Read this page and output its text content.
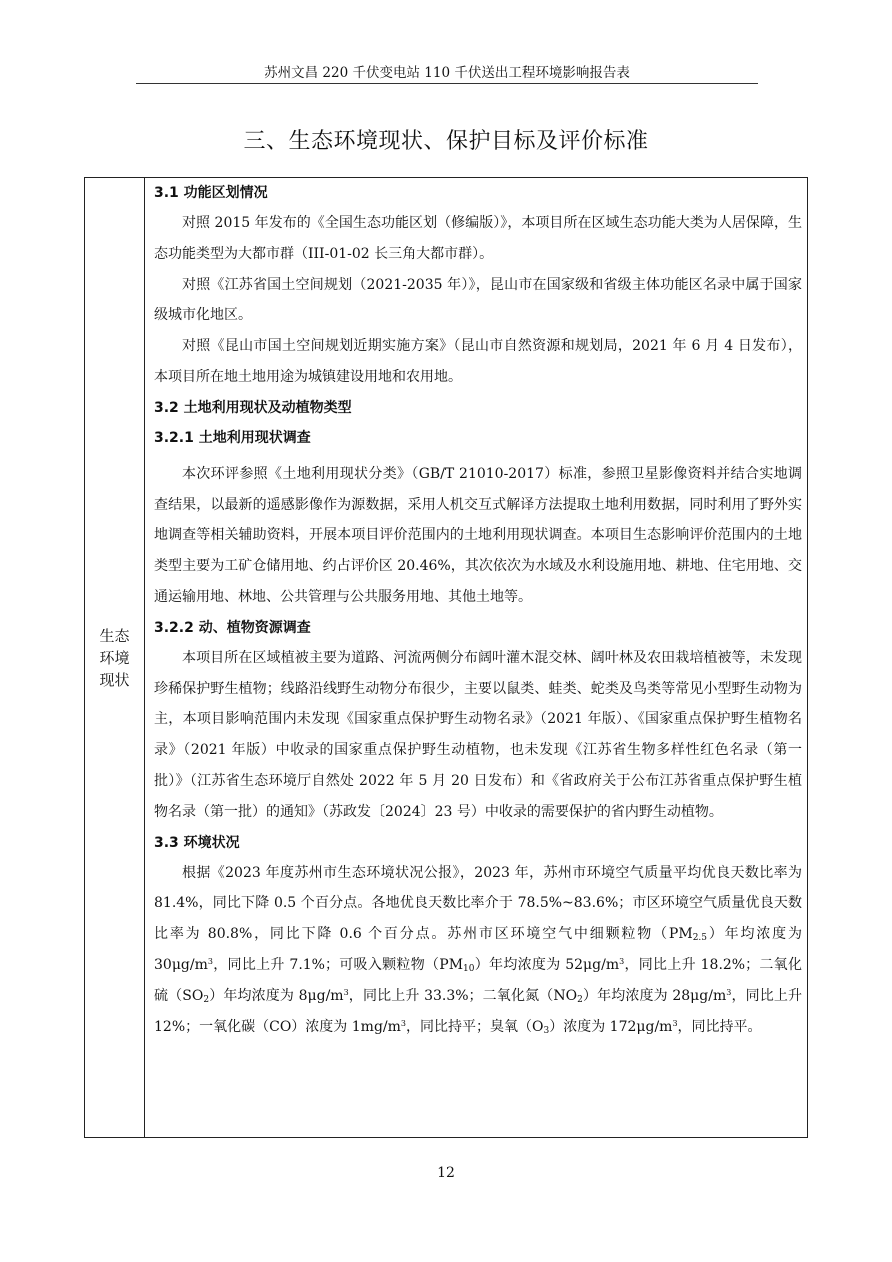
苏州文昌 220 千伏变电站 110 千伏送出工程环境影响报告表
三、生态环境现状、保护目标及评价标准
生态
环境
现状
3.1 功能区划情况

对照 2015 年发布的《全国生态功能区划（修编版）》，本项目所在区域生态功能大类为人居保障，生态功能类型为大都市群（III-01-02 长三角大都市群）。

对照《江苏省国土空间规划（2021-2035 年）》，昆山市在国家级和省级主体功能区名录中属于国家级城市化地区。

对照《昆山市国土空间规划近期实施方案》（昆山市自然资源和规划局，2021 年 6 月 4 日发布），本项目所在地土地用途为城镇建设用地和农用地。

3.2 土地利用现状及动植物类型
3.2.1 土地利用现状调查

本次环评参照《土地利用现状分类》（GB/T 21010-2017）标准，参照卫星影像资料并结合实地调查结果，以最新的遥感影像作为源数据，采用人机交互式解译方法提取土地利用数据，同时利用了野外实地调查等相关辅助资料，开展本项目评价范围内的土地利用现状调查。本项目生态影响评价范围内的土地类型主要为工矿仓储用地、约占评价区 20.46%，其次依次为水域及水利设施用地、耕地、住宅用地、交通运输用地、林地、公共管理与公共服务用地、其他土地等。

3.2.2 动、植物资源调查

本项目所在区域植被主要为道路、河流两侧分布阔叶灌木混交林、阔叶林及农田栽培植被等，未发现珍稀保护野生植物；线路沿线野生动物分布很少，主要以鼠类、蛙类、蛇类及鸟类等常见小型野生动物为主，本项目影响范围内未发现《国家重点保护野生动物名录》（2021 年版）、《国家重点保护野生植物名录》（2021 年版）中收录的国家重点保护野生动植物，也未发现《江苏省生物多样性红色名录（第一批）》（江苏省生态环境厅自然处 2022 年 5 月 20 日发布）和《省政府关于公布江苏省重点保护野生植物名录（第一批）的通知》（苏政发〔2024〕23 号）中收录的需要保护的省内野生动植物。

3.3 环境状况

根据《2023 年度苏州市生态环境状况公报》，2023 年，苏州市环境空气质量平均优良天数比率为 81.4%，同比下降 0.5 个百分点。各地优良天数比率介于 78.5%~83.6%；市区环境空气质量优良天数比率为 80.8%，同比下降 0.6 个百分点。苏州市区环境空气中细颗粒物$(PM_{2.5})$年均浓度为 $30\mu g/m^3$，同比上升 7.1%；可吸入颗粒物$(PM_{10})$年均浓度为 $52\mu g/m^3$，同比上升 18.2%；二氧化硫$(SO_2)$年均浓度为 $8\mu g/m^3$，同比上升 33.3%；二氧化氮$(NO_2)$年均浓度为 $28\mu g/m^3$，同比上升 12%；一氧化碳（CO）浓度为 $1mg/m^3$，同比持平；臭氧$(O_3)$浓度为 $172\mu g/m^3$，同比持平。

12
